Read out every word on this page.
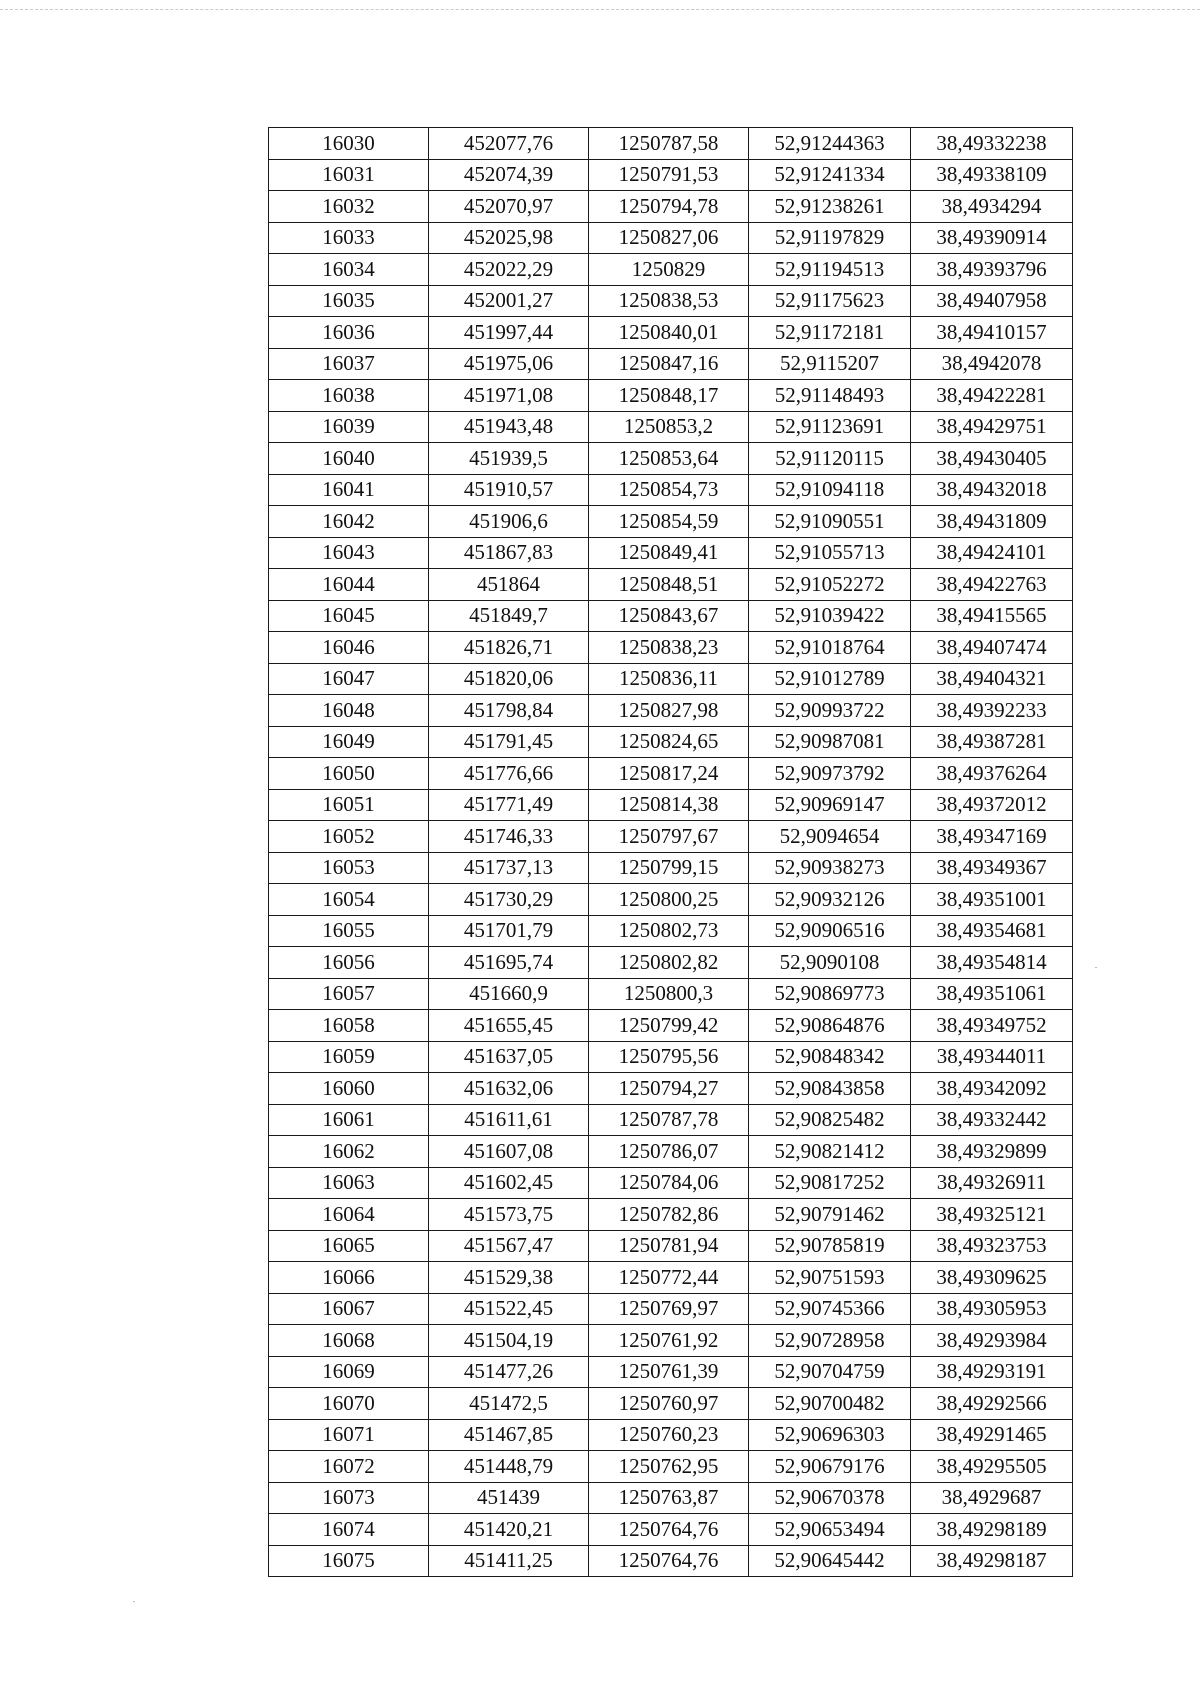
16030	452077,76	1250787,58	52,91244363	38,49332238
16031	452074,39	1250791,53	52,91241334	38,49338109
16032	452070,97	1250794,78	52,91238261	38,4934294
16033	452025,98	1250827,06	52,91197829	38,49390914
16034	452022,29	1250829	52,91194513	38,49393796
16035	452001,27	1250838,53	52,91175623	38,49407958
16036	451997,44	1250840,01	52,91172181	38,49410157
16037	451975,06	1250847,16	52,9115207	38,4942078
16038	451971,08	1250848,17	52,91148493	38,49422281
16039	451943,48	1250853,2	52,91123691	38,49429751
16040	451939,5	1250853,64	52,91120115	38,49430405
16041	451910,57	1250854,73	52,91094118	38,49432018
16042	451906,6	1250854,59	52,91090551	38,49431809
16043	451867,83	1250849,41	52,91055713	38,49424101
16044	451864	1250848,51	52,91052272	38,49422763
16045	451849,7	1250843,67	52,91039422	38,49415565
16046	451826,71	1250838,23	52,91018764	38,49407474
16047	451820,06	1250836,11	52,91012789	38,49404321
16048	451798,84	1250827,98	52,90993722	38,49392233
16049	451791,45	1250824,65	52,90987081	38,49387281
16050	451776,66	1250817,24	52,90973792	38,49376264
16051	451771,49	1250814,38	52,90969147	38,49372012
16052	451746,33	1250797,67	52,9094654	38,49347169
16053	451737,13	1250799,15	52,90938273	38,49349367
16054	451730,29	1250800,25	52,90932126	38,49351001
16055	451701,79	1250802,73	52,90906516	38,49354681
16056	451695,74	1250802,82	52,9090108	38,49354814
16057	451660,9	1250800,3	52,90869773	38,49351061
16058	451655,45	1250799,42	52,90864876	38,49349752
16059	451637,05	1250795,56	52,90848342	38,49344011
16060	451632,06	1250794,27	52,90843858	38,49342092
16061	451611,61	1250787,78	52,90825482	38,49332442
16062	451607,08	1250786,07	52,90821412	38,49329899
16063	451602,45	1250784,06	52,90817252	38,49326911
16064	451573,75	1250782,86	52,90791462	38,49325121
16065	451567,47	1250781,94	52,90785819	38,49323753
16066	451529,38	1250772,44	52,90751593	38,49309625
16067	451522,45	1250769,97	52,90745366	38,49305953
16068	451504,19	1250761,92	52,90728958	38,49293984
16069	451477,26	1250761,39	52,90704759	38,49293191
16070	451472,5	1250760,97	52,90700482	38,49292566
16071	451467,85	1250760,23	52,90696303	38,49291465
16072	451448,79	1250762,95	52,90679176	38,49295505
16073	451439	1250763,87	52,90670378	38,4929687
16074	451420,21	1250764,76	52,90653494	38,49298189
16075	451411,25	1250764,76	52,90645442	38,49298187
